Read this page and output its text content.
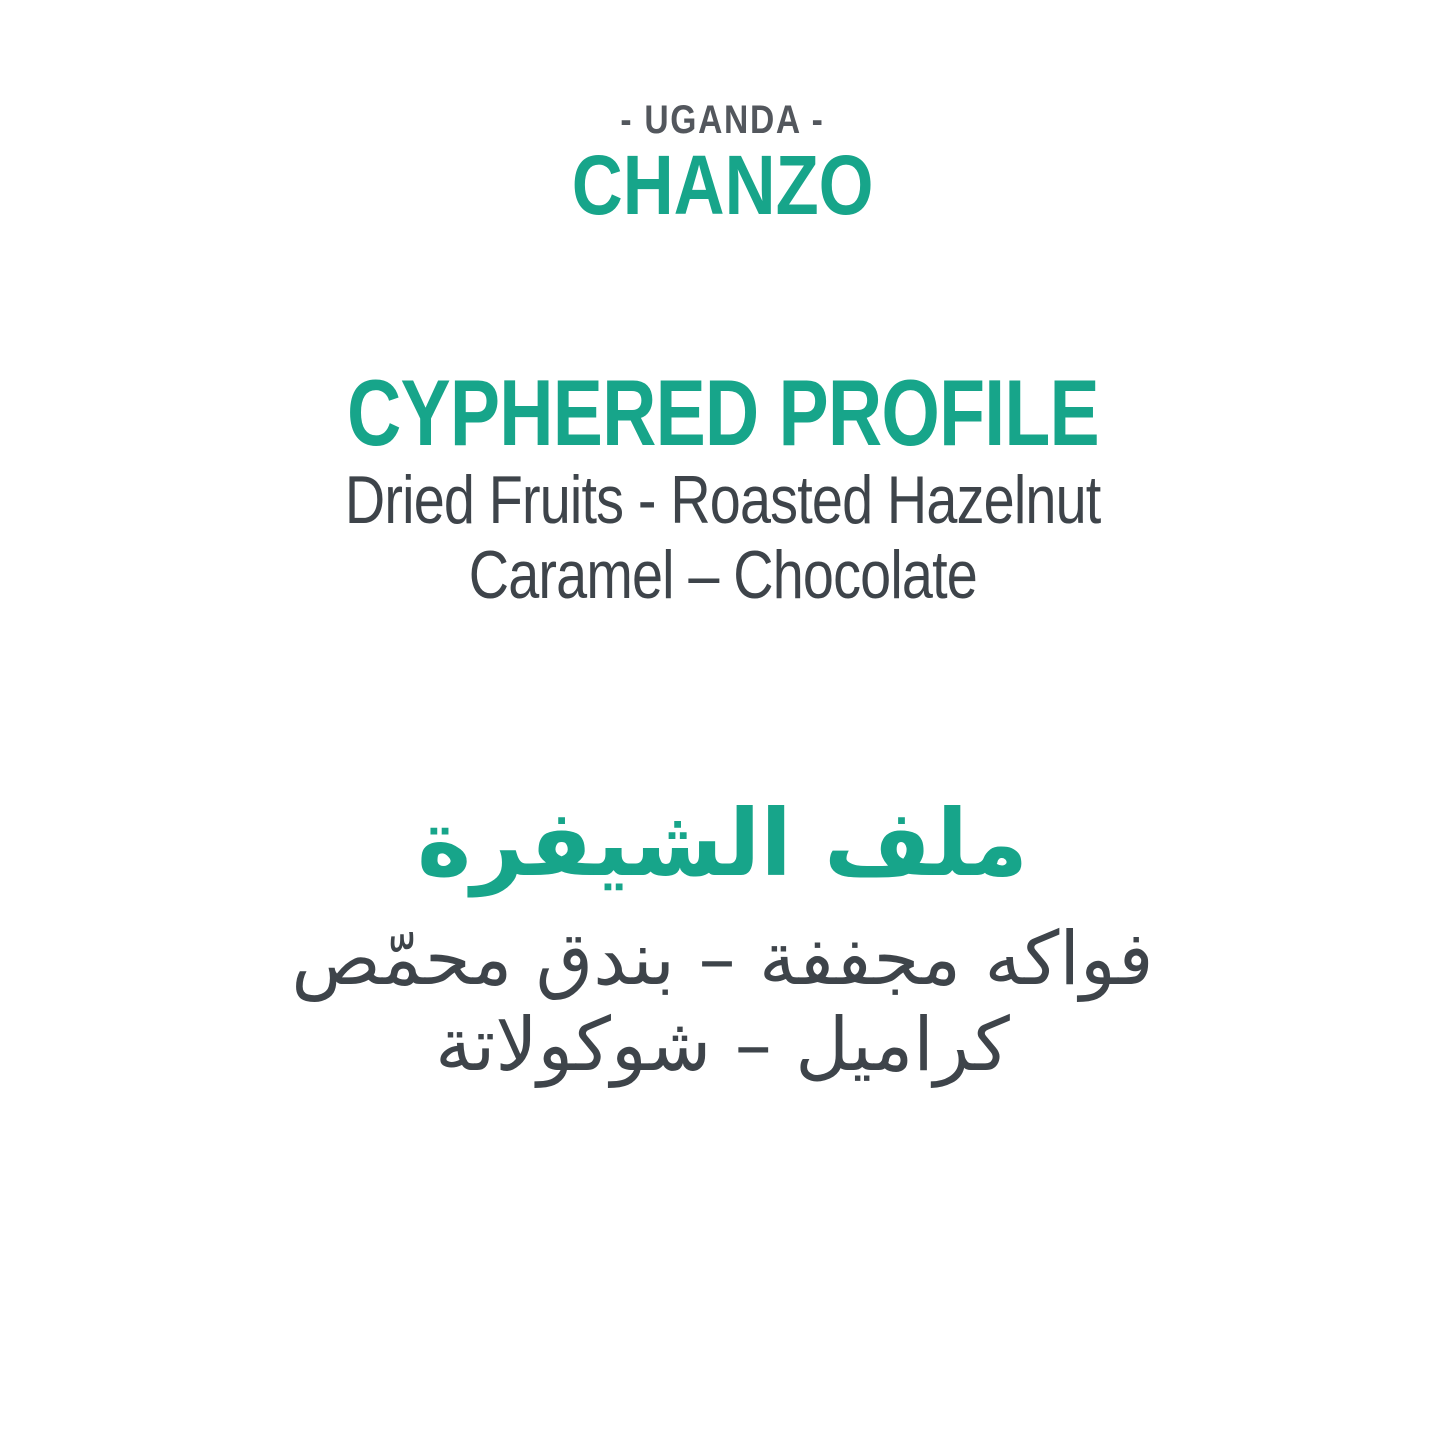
- UGANDA -
CHANZO
CYPHERED PROFILE
Dried Fruits - Roasted Hazelnut
Caramel – Chocolate
ملف الشيفرة
فواكه مجففة – بندق محمّص
كراميل – شوكولاتة
